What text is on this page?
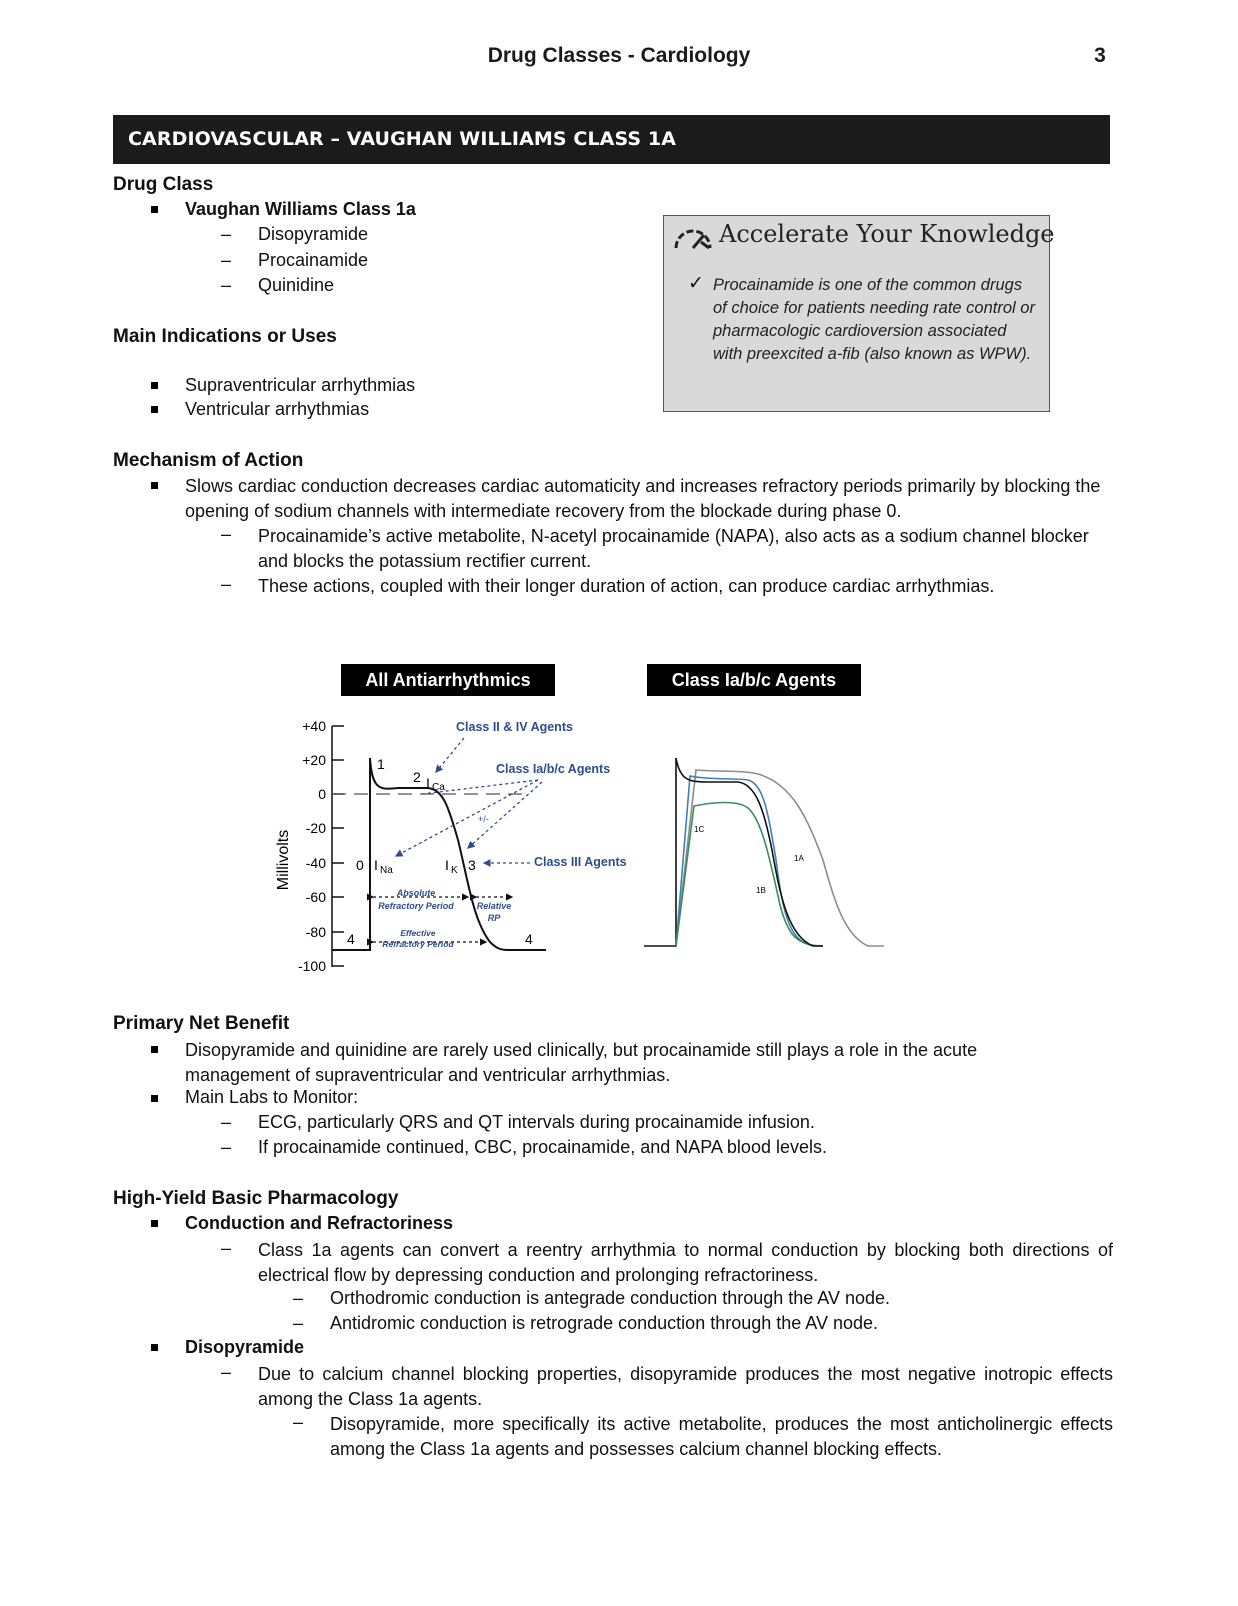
Drug Classes - Cardiology	3
CARDIOVASCULAR – VAUGHAN WILLIAMS CLASS 1A
Drug Class
Vaughan Williams Class 1a
– Disopyramide
– Procainamide
– Quinidine
Accelerate Your Knowledge
✓ Procainamide is one of the common drugs of choice for patients needing rate control or pharmacologic cardioversion associated with preexcited a-fib (also known as WPW).
Main Indications or Uses
Supraventricular arrhythmias
Ventricular arrhythmias
Mechanism of Action
Slows cardiac conduction decreases cardiac automaticity and increases refractory periods primarily by blocking the opening of sodium channels with intermediate recovery from the blockade during phase 0.
– Procainamide’s active metabolite, N-acetyl procainamide (NAPA), also acts as a sodium channel blocker and blocks the potassium rectifier current.
– These actions, coupled with their longer duration of action, can produce cardiac arrhythmias.
All Antiarrhythmics	Class Ia/b/c Agents
+40
+20
0
-20
-40
-60
-80
-100
Millivolts
1
2 I Ca
0 I Na	I K 3
4	4
Class II & IV Agents
Class Ia/b/c Agents
Class III Agents
+/-
Absolute
Refractory Period	Relative
RP
Effective
Refractory Period
1C
1A
1B
Primary Net Benefit
Disopyramide and quinidine are rarely used clinically, but procainamide still plays a role in the acute management of supraventricular and ventricular arrhythmias.
Main Labs to Monitor:
– ECG, particularly QRS and QT intervals during procainamide infusion.
– If procainamide continued, CBC, procainamide, and NAPA blood levels.
High-Yield Basic Pharmacology
Conduction and Refractoriness
– Class 1a agents can convert a reentry arrhythmia to normal conduction by blocking both directions of electrical flow by depressing conduction and prolonging refractoriness.
– Orthodromic conduction is antegrade conduction through the AV node.
– Antidromic conduction is retrograde conduction through the AV node.
Disopyramide
– Due to calcium channel blocking properties, disopyramide produces the most negative inotropic effects among the Class 1a agents.
– Disopyramide, more specifically its active metabolite, produces the most anticholinergic effects among the Class 1a agents and possesses calcium channel blocking effects.
